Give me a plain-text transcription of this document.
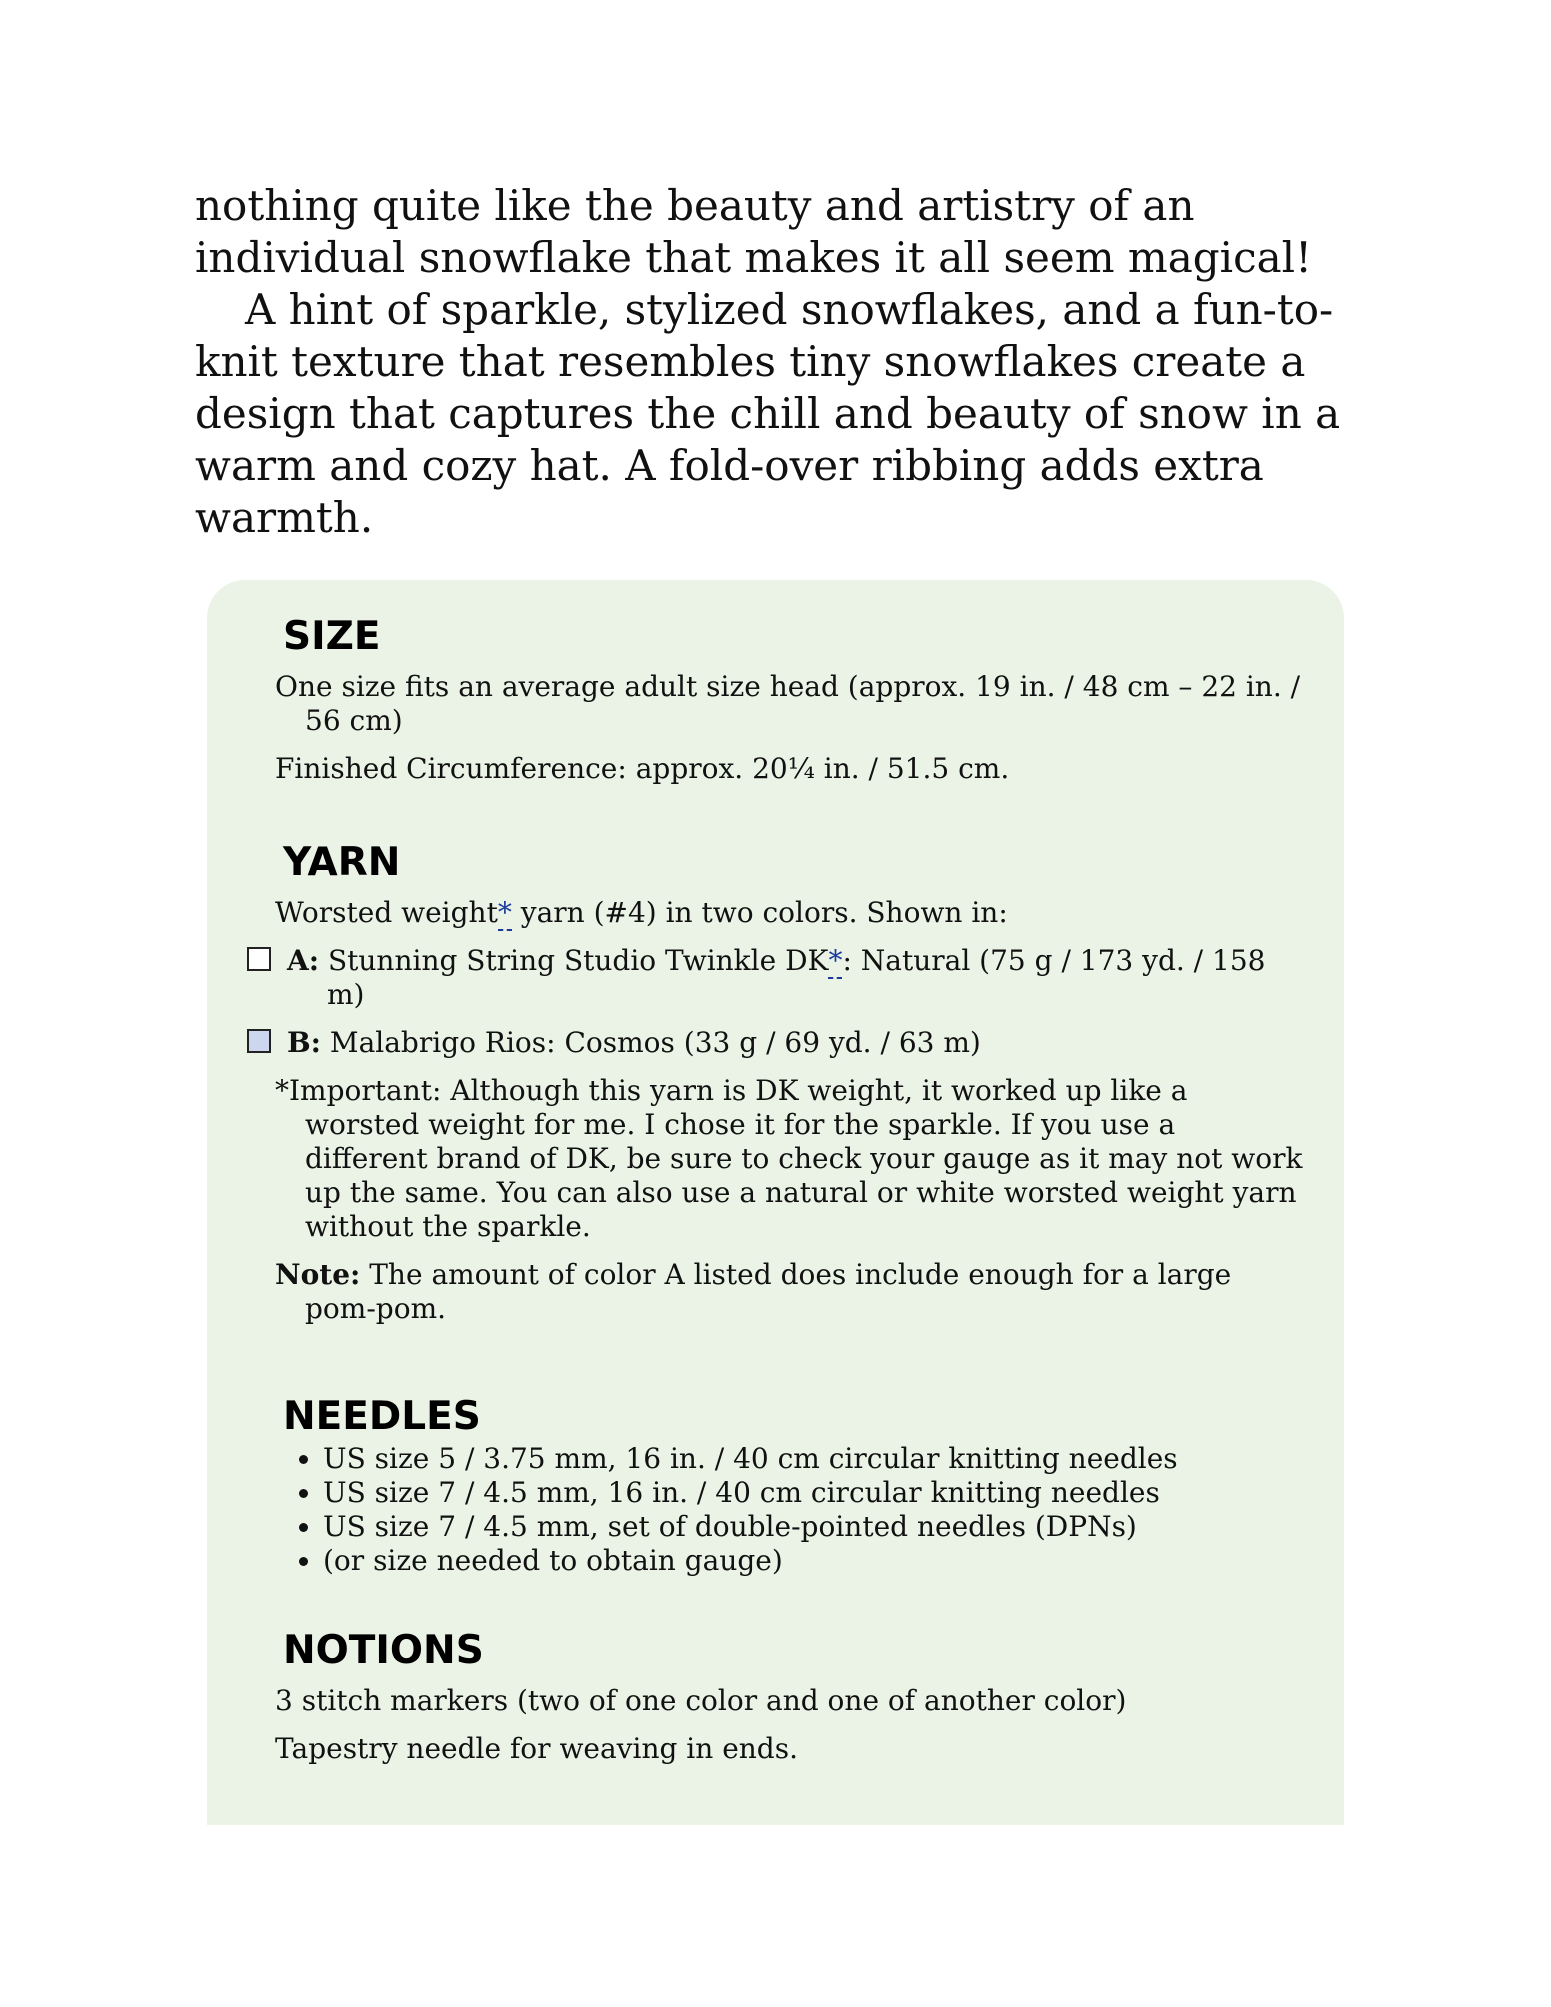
nothing quite like the beauty and artistry of an individual snowflake that makes it all seem magical!

A hint of sparkle, stylized snowflakes, and a fun-to-knit texture that resembles tiny snowflakes create a design that captures the chill and beauty of snow in a warm and cozy hat. A fold-over ribbing adds extra warmth.

SIZE
One size fits an average adult size head (approx. 19 in. / 48 cm – 22 in. / 56 cm)
Finished Circumference: approx. 20¼ in. / 51.5 cm.
YARN
Worsted weight* yarn (#4) in two colors. Shown in:
A: Stunning String Studio Twinkle DK*: Natural (75 g / 173 yd. / 158 m)
B: Malabrigo Rios: Cosmos (33 g / 69 yd. / 63 m)
*Important: Although this yarn is DK weight, it worked up like a worsted weight for me. I chose it for the sparkle. If you use a different brand of DK, be sure to check your gauge as it may not work up the same. You can also use a natural or white worsted weight yarn without the sparkle.
Note: The amount of color A listed does include enough for a large pom-pom.
NEEDLES
• US size 5 / 3.75 mm, 16 in. / 40 cm circular knitting needles
• US size 7 / 4.5 mm, 16 in. / 40 cm circular knitting needles
• US size 7 / 4.5 mm, set of double-pointed needles (DPNs)
• (or size needed to obtain gauge)
NOTIONS
3 stitch markers (two of one color and one of another color)
Tapestry needle for weaving in ends.
